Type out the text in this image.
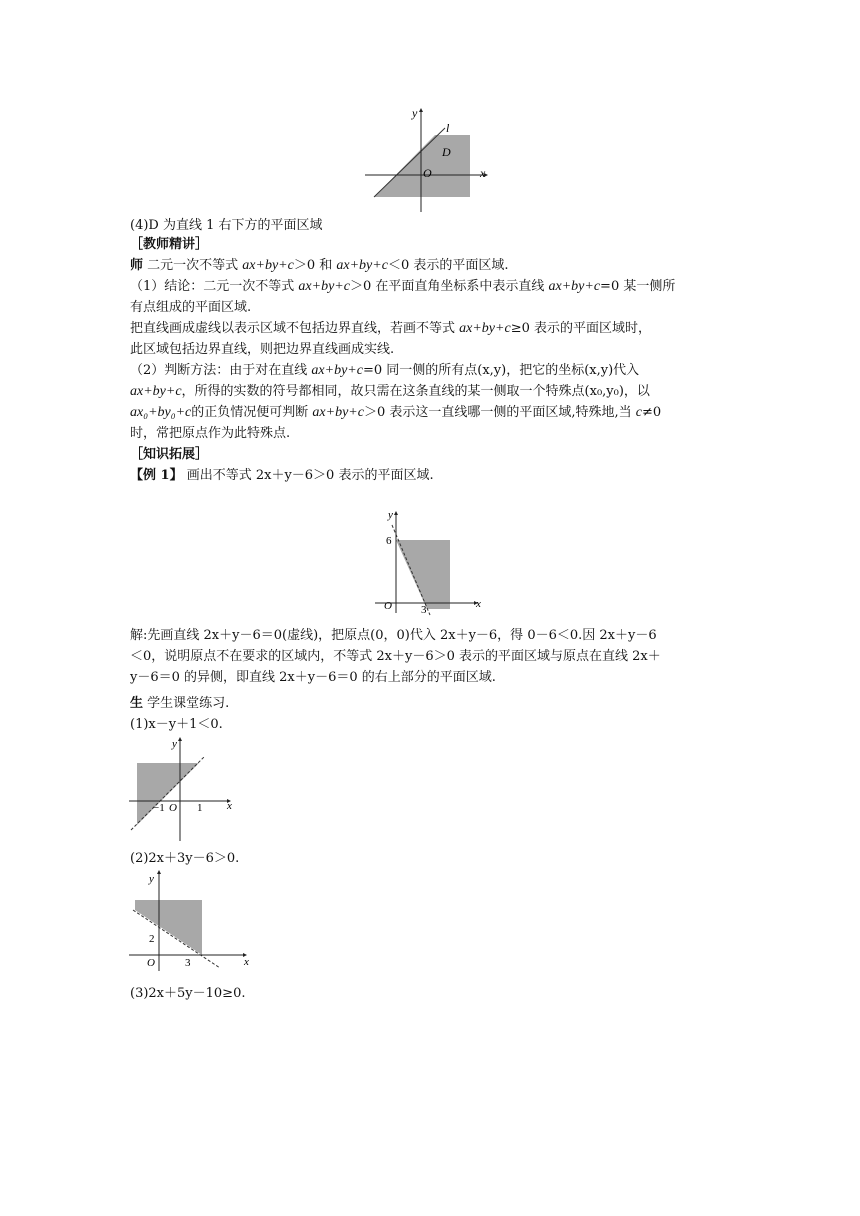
y
x
l
D
O
(4)D 为直线 1 右下方的平面区域
［教师精讲］
师 二元一次不等式 ax+by+c＞0 和 ax+by+c＜0 表示的平面区域.
（1）结论：二元一次不等式 ax+by+c＞0 在平面直角坐标系中表示直线 ax+by+c=0 某一侧所
有点组成的平面区域.
把直线画成虚线以表示区域不包括边界直线，若画不等式 ax+by+c≥0 表示的平面区域时，
此区域包括边界直线，则把边界直线画成实线.
（2）判断方法：由于对在直线 ax+by+c=0 同一侧的所有点(x,y)，把它的坐标(x,y)代入
ax+by+c，所得的实数的符号都相同，故只需在这条直线的某一侧取一个特殊点(x₀,y₀)，以
ax₀+by₀+c的正负情况便可判断 ax+by+c＞0 表示这一直线哪一侧的平面区域,特殊地,当 c≠0
时，常把原点作为此特殊点.
［知识拓展］
【例 1】 画出不等式 2x＋y－6＞0 表示的平面区域.
y
x
O
6
3
解:先画直线 2x＋y－6＝0(虚线)，把原点(0，0)代入 2x＋y－6，得 0－6＜0.因 2x＋y－6
＜0，说明原点不在要求的区域内，不等式 2x＋y－6＞0 表示的平面区域与原点在直线 2x＋
y－6＝0 的异侧，即直线 2x＋y－6＝0 的右上部分的平面区域.
生 学生课堂练习.
(1)x－y＋1＜0.
y
x
O
−1	1
(2)2x＋3y－6＞0.
y
x
O
2
3
(3)2x＋5y－10≥0.
